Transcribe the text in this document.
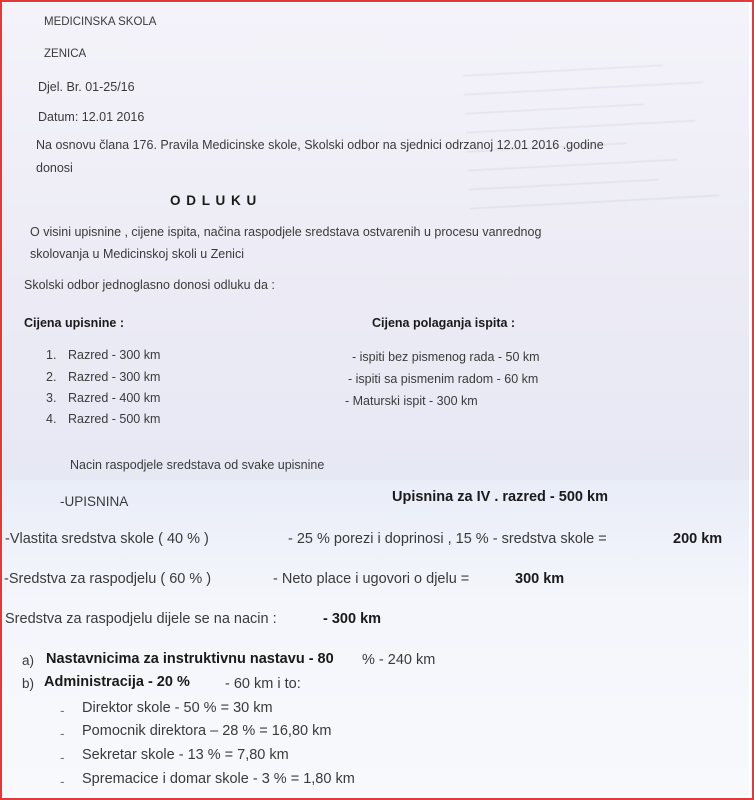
MEDICINSKA SKOLA
ZENICA
Djel. Br. 01-25/16
Datum: 12.01 2016
Na osnovu člana 176. Pravila Medicinske skole, Skolski odbor na sjednici odrzanoj 12.01 2016 .godine
donosi
O D L U K U
O visini upisnine , cijene ispita, načina raspodjele sredstava ostvarenih u procesu vanrednog
skolovanja u Medicinskoj skoli u Zenici
Skolski odbor jednoglasno donosi odluku da :
Cijena upisnine :
1. Razred - 300 km
2. Razred - 300 km
3. Razred - 400 km
4. Razred - 500 km
Cijena polaganja ispita :
- ispiti bez pismenog rada - 50 km
- ispiti sa pismenim radom - 60 km
- Maturski ispit - 300 km
Nacin raspodjele sredstava od svake upisnine
-UPISNINA	Upisnina za IV . razred - 500 km
-Vlastita sredstva skole ( 40 % )	- 25 % porezi i doprinosi , 15 % - sredstva skole =	200 km
-Sredstva za raspodjelu ( 60 % )	- Neto place i ugovori o djelu =	300 km
Sredstva za raspodjelu dijele se na nacin :	- 300 km
a) Nastavnicima za instruktivnu nastavu - 80 % - 240 km
b) Administracija - 20 % - 60 km i to:
- Direktor skole - 50 % = 30 km
- Pomocnik direktora – 28 % = 16,80 km
- Sekretar skole - 13 % = 7,80 km
- Spremacice i domar skole - 3 % = 1,80 km
